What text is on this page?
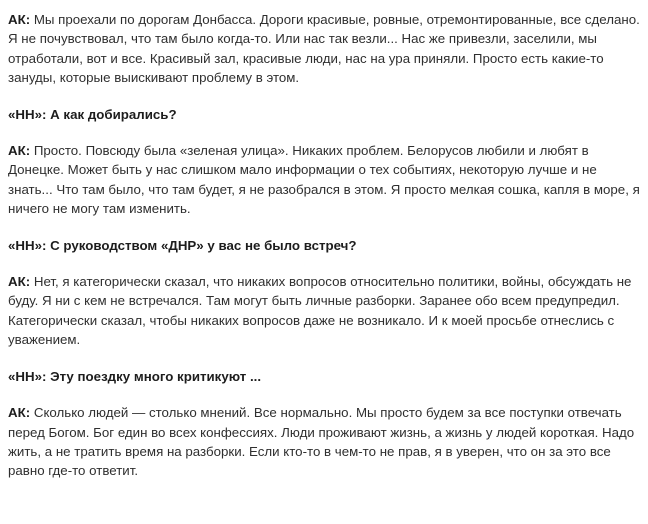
АК: Мы проехали по дорогам Донбасса. Дороги красивые, ровные, отремонтированные, все сделано. Я не почувствовал, что там было когда-то. Или нас так везли... Нас же привезли, заселили, мы отработали, вот и все. Красивый зал, красивые люди, нас на ура приняли. Просто есть какие-то зануды, которые выискивают проблему в этом.

«НН»: А как добирались?

АК: Просто. Повсюду была «зеленая улица». Никаких проблем. Белорусов любили и любят в Донецке. Может быть у нас слишком мало информации о тех событиях, некоторую лучше и не знать... Что там было, что там будет, я не разобрался в этом. Я просто мелкая сошка, капля в море, я ничего не могу там изменить.

«НН»: С руководством «ДНР» у вас не было встреч?

АК: Нет, я категорически сказал, что никаких вопросов относительно политики, войны, обсуждать не буду. Я ни с кем не встречался. Там могут быть личные разборки. Заранее обо всем предупредил. Категорически сказал, чтобы никаких вопросов даже не возникало. И к моей просьбе отнеслись с уважением.

«НН»: Эту поездку много критикуют ...

АК: Сколько людей — столько мнений. Все нормально. Мы просто будем за все поступки отвечать перед Богом. Бог един во всех конфессиях. Люди проживают жизнь, а жизнь у людей короткая. Надо жить, а не тратить время на разборки. Если кто-то в чем-то не прав, я в уверен, что он за это все равно где-то ответит.
